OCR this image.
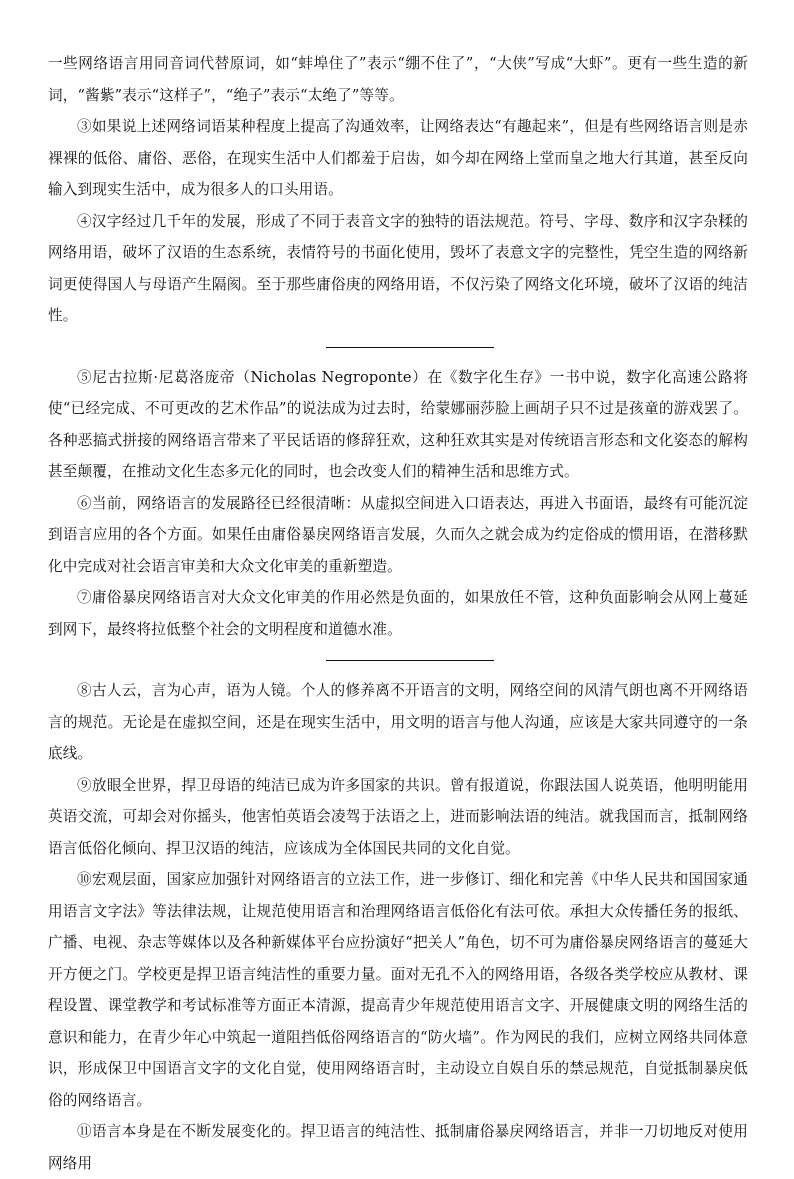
一些网络语言用同音词代替原词，如“蚌埠住了”表示“绷不住了”，“大侠”写成“大虾”。更有一些生造的新词，“酱紫”表示“这样子”，“绝子”表示“太绝了”等等。

③如果说上述网络词语某种程度上提高了沟通效率，让网络表达“有趣起来”，但是有些网络语言则是赤裸裸的低俗、庸俗、恶俗，在现实生活中人们都羞于启齿，如今却在网络上堂而皇之地大行其道，甚至反向输入到现实生活中，成为很多人的口头用语。

④汉字经过几千年的发展，形成了不同于表音文字的独特的语法规范。符号、字母、数序和汉字杂糅的网络用语，破坏了汉语的生态系统，表情符号的书面化使用，毁坏了表意文字的完整性，凭空生造的网络新词更使得国人与母语产生隔阂。至于那些庸俗庚的网络用语，不仅污染了网络文化环境，破坏了汉语的纯洁性。

⑤尼古拉斯·尼葛洛庞帝（Nicholas Negroponte）在《数字化生存》一书中说，数字化高速公路将使“已经完成、不可更改的艺术作品”的说法成为过去时，给蒙娜丽莎脸上画胡子只不过是孩童的游戏罢了。各种恶搞式拼接的网络语言带来了平民话语的修辞狂欢，这种狂欢其实是对传统语言形态和文化姿态的解构甚至颠覆，在推动文化生态多元化的同时，也会改变人们的精神生活和思维方式。

⑥当前，网络语言的发展路径已经很清晰：从虚拟空间进入口语表达，再进入书面语，最终有可能沉淀到语言应用的各个方面。如果任由庸俗暴戾网络语言发展，久而久之就会成为约定俗成的惯用语，在潜移默化中完成对社会语言审美和大众文化审美的重新塑造。

⑦庸俗暴戾网络语言对大众文化审美的作用必然是负面的，如果放任不管，这种负面影响会从网上蔓延到网下，最终将拉低整个社会的文明程度和道德水准。

⑧古人云，言为心声，语为人镜。个人的修养离不开语言的文明，网络空间的风清气朗也离不开网络语言的规范。无论是在虚拟空间，还是在现实生活中，用文明的语言与他人沟通，应该是大家共同遵守的一条底线。

⑨放眼全世界，捍卫母语的纯洁已成为许多国家的共识。曾有报道说，你跟法国人说英语，他明明能用英语交流，可却会对你摇头，他害怕英语会凌驾于法语之上，进而影响法语的纯洁。就我国而言，抵制网络语言低俗化倾向、捍卫汉语的纯洁，应该成为全体国民共同的文化自觉。

⑩宏观层面，国家应加强针对网络语言的立法工作，进一步修订、细化和完善《中华人民共和国国家通用语言文字法》等法律法规，让规范使用语言和治理网络语言低俗化有法可依。承担大众传播任务的报纸、广播、电视、杂志等媒体以及各种新媒体平台应扮演好“把关人”角色，切不可为庸俗暴戾网络语言的蔓延大开方便之门。学校更是捍卫语言纯洁性的重要力量。面对无孔不入的网络用语，各级各类学校应从教材、课程设置、课堂教学和考试标准等方面正本清源，提高青少年规范使用语言文字、开展健康文明的网络生活的意识和能力，在青少年心中筑起一道阻挡低俗网络语言的“防火墙”。作为网民的我们，应树立网络共同体意识，形成保卫中国语言文字的文化自觉，使用网络语言时，主动设立自娱自乐的禁忌规范，自觉抵制暴戾低俗的网络语言。

⑪语言本身是在不断发展变化的。捍卫语言的纯洁性、抵制庸俗暴戾网络语言，并非一刀切地反对使用网络用
